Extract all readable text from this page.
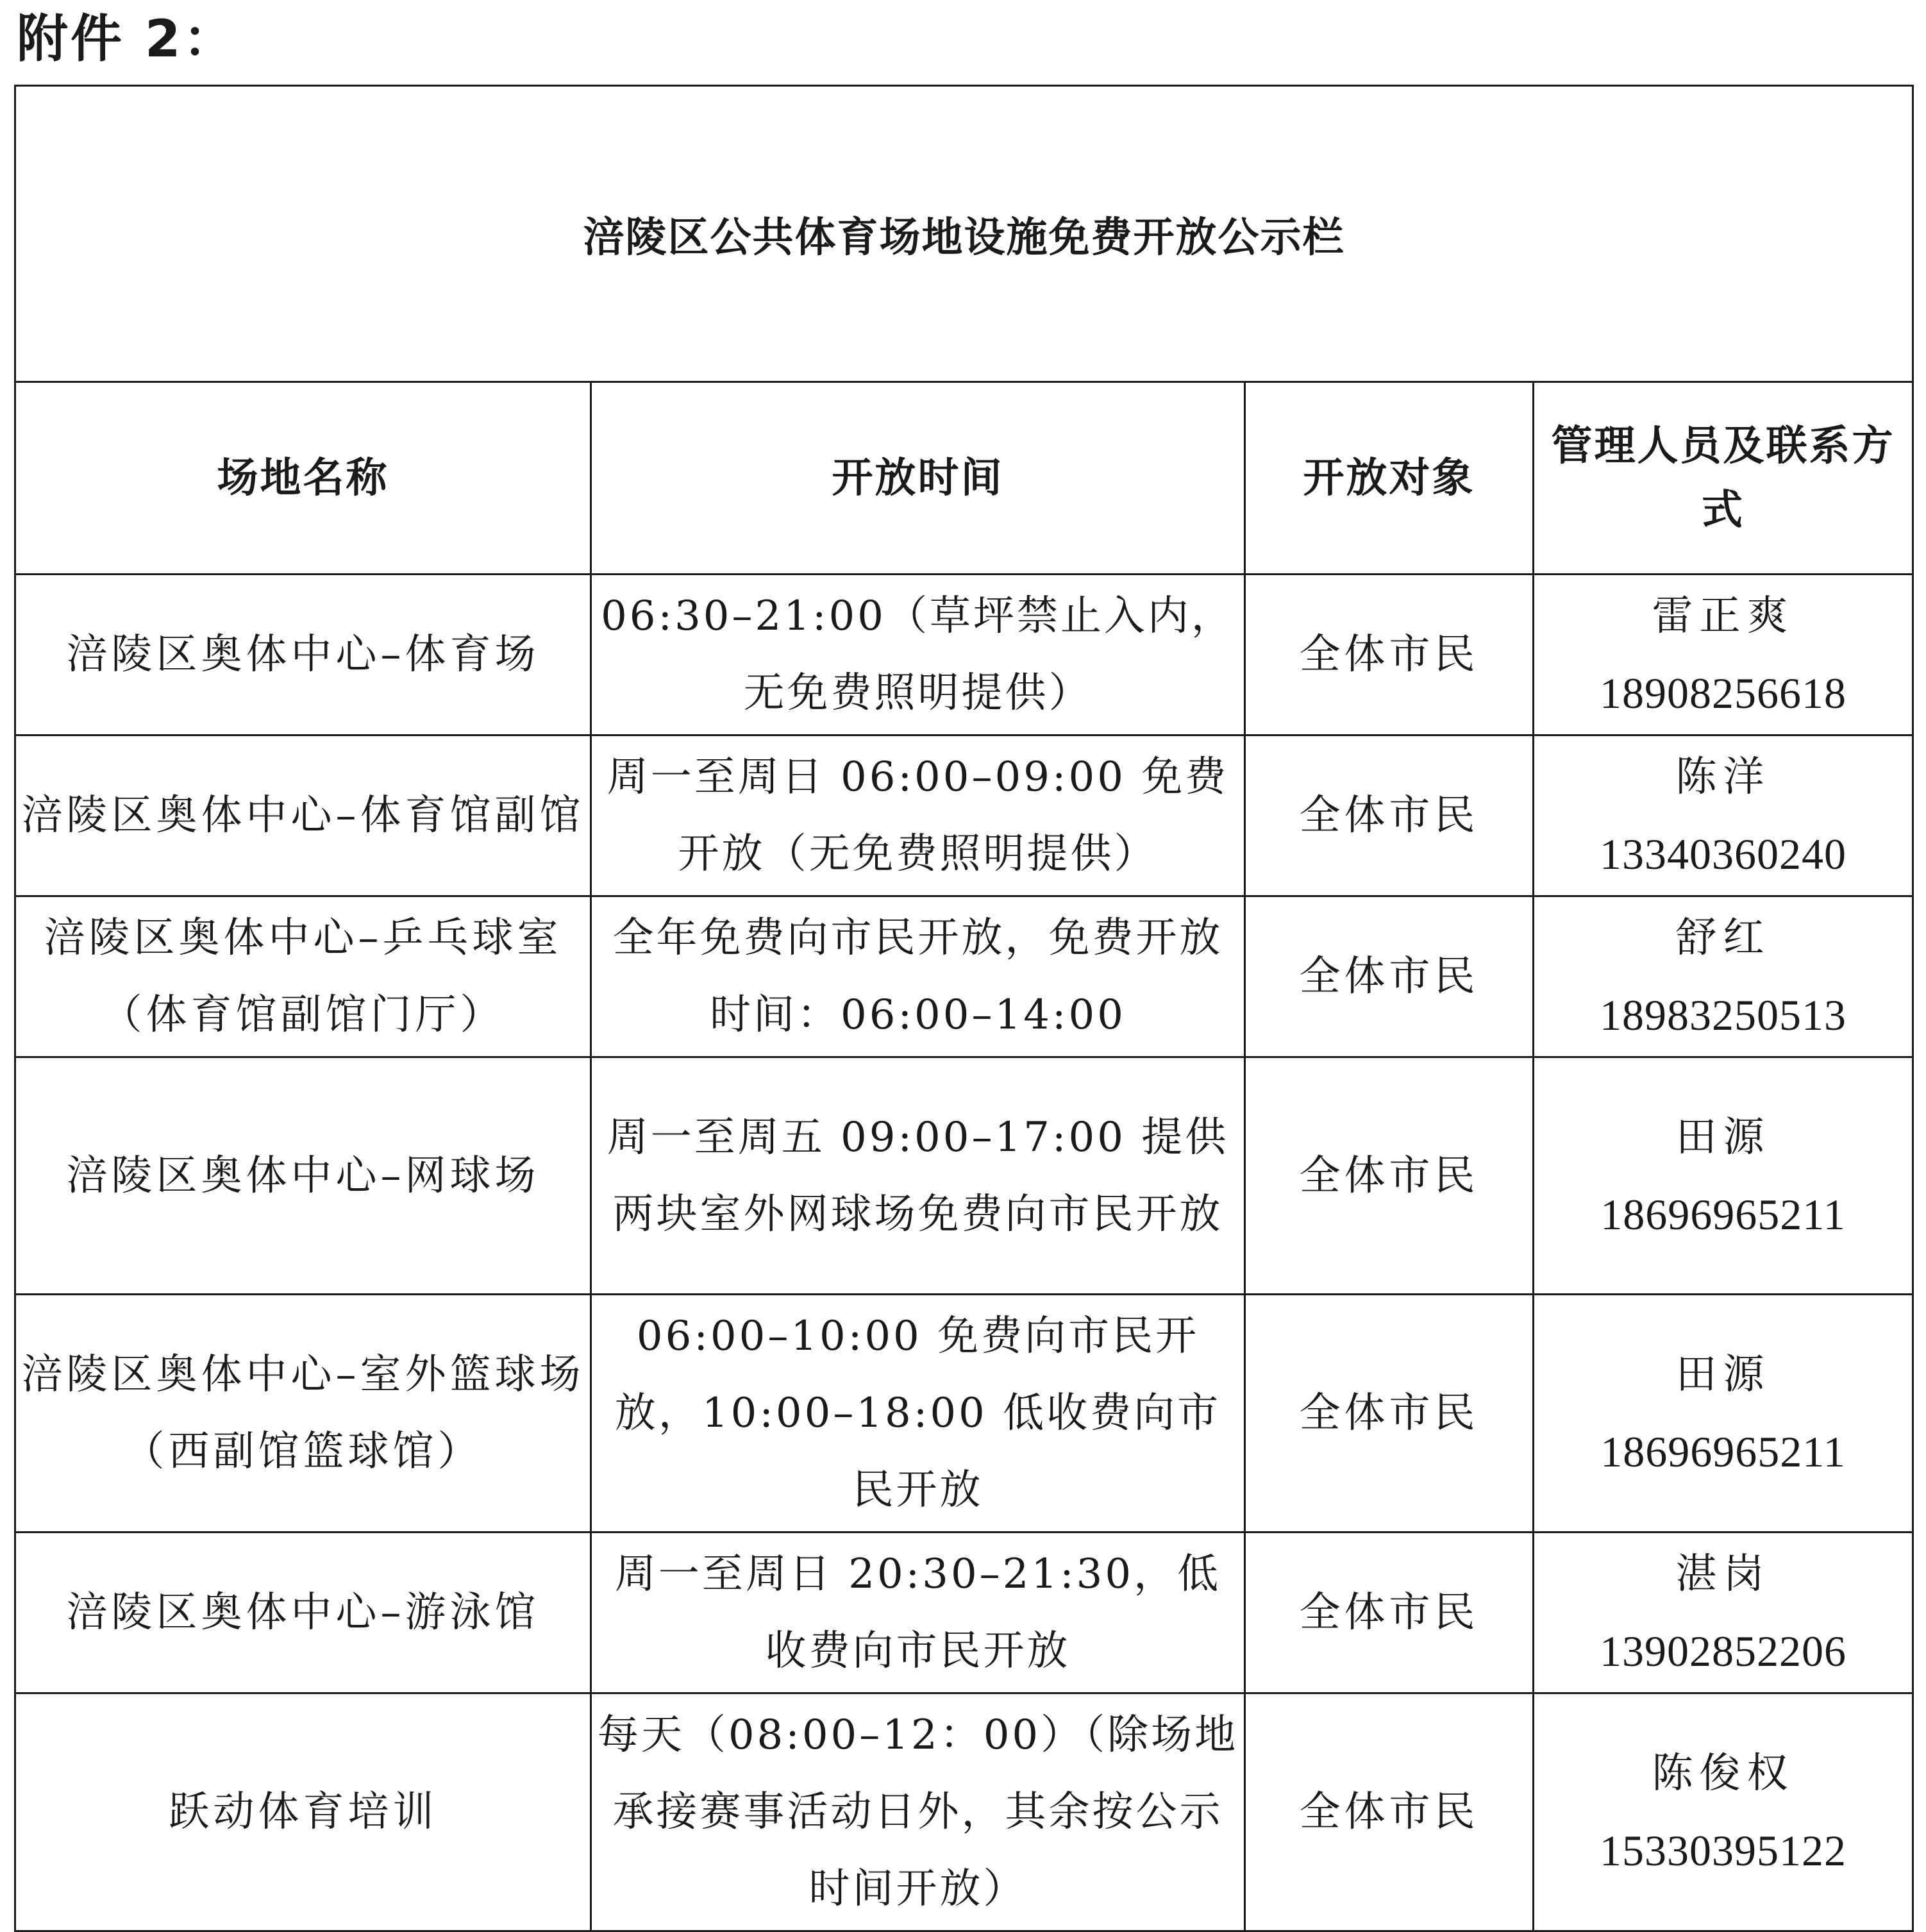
附件 2：
涪陵区公共体育场地设施免费开放公示栏			
场地名称	开放时间	开放对象	管理人员及联系方式
涪陵区奥体中心–体育场	06:30–21:00（草坪禁止入内，无免费照明提供）	全体市民	雷正爽
18908256618

涪陵区奥体中心–体育馆副馆	周一至周日 06:00–09:00 免费开放（无免费照明提供）	全体市民	陈洋
13340360240

涪陵区奥体中心–乒乓球室（体育馆副馆门厅）	全年免费向市民开放，免费开放时间：06:00–14:00	全体市民	舒红
18983250513

涪陵区奥体中心–网球场	周一至周五 09:00–17:00 提供两块室外网球场免费向市民开放	全体市民	田源
18696965211

涪陵区奥体中心–室外篮球场（西副馆篮球馆）	06:00–10:00 免费向市民开放，10:00–18:00 低收费向市民开放	全体市民	田源
18696965211

涪陵区奥体中心–游泳馆	周一至周日 20:30–21:30，低收费向市民开放	全体市民	湛岗
13902852206

跃动体育培训	每天（08:00–12：00）（除场地承接赛事活动日外，其余按公示时间开放）	全体市民	陈俊权
15330395122
